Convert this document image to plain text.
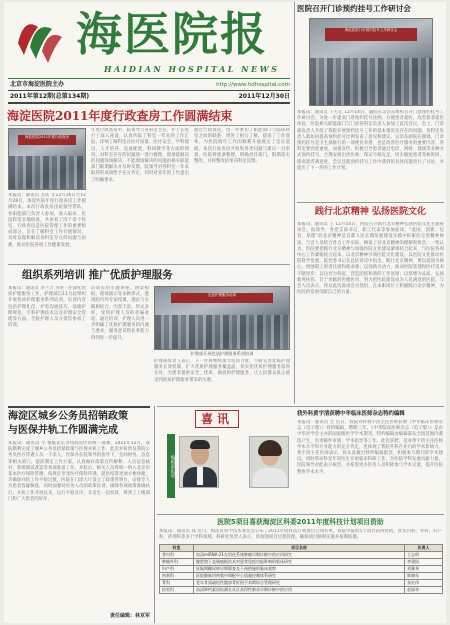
海医院报
HAIDIAN HOSPITAL NEWS
北京市海淀医院主办	http://www.hdhospital.com
2011年第12期(总第134期)	2011年12月30日
医院召开门诊预约挂号工作研讨会
海淀医院门诊预约挂号工作研讨会
本报讯：通讯员 千方元 12月14日，副院长吴浩东组织召开门诊预约挂号工作研讨会。为进一步提高门诊预约挂号比例，方便患者就医，改善患者就医体验，医院相关职能部门与门诊各科室负责人参加了此次会议。会上，门诊部负责人介绍了我院开展预约挂号工作的基本情况及存在的问题，各科室负责人就如何提高预约挂号比例发表了意见和建议。吴浩东副院长强调，门诊预约挂号是卫生部推行的一项便民举措，也是改善医疗服务的重要内容，各科室要高度重视，加强宣传，积极引导患者通过电话、网络、现场等多种方式预约挂号，合理安排出诊医师，保证号源充足，切实缩短患者等候时间，提高患者满意度。会议还就预约挂号工作中遇到的具体问题进行了讨论，并提出了下一步的工作计划。
海淀医院2011年度行政查房工作圆满结束
海淀医院2011年度行政查房
本报讯：通讯员 杰珏 年12月26日至12月28日，海淀医院年度行政查房工作圆满结束。本次行政查房由院领导带队，各职能部门负责人参加，深入临床、医技科室实地检查，共查看了四十余个科室。行政查房是医院管理工作的重要组成部分，旨在了解科室工作开展情况，及时发现和解决各科室存在的问题与困难，推动医院各项工作健康发展。
年度行政查房中，院领导与各科室主任、护士长进行了深入座谈，认真听取了科室一年来的工作汇报，详细了解科室在医疗质量、医疗安全、学科建设、人才培养、设备配置、科研教学等方面的情况，对科室存在的问题逐一进行梳理，现场能解决的问题现场解决，不能现场解决的问题由相关职能部门限期解决并及时反馈。院领导对各科室一年来取得的成绩给予充分肯定，同时对来年的工作提出了明确要求。
通过行政查房，进一步密切了职能部门与临床科室之间的联系，增进了相互了解，提高了工作效率，为医院明年工作的顺利开展奠定了坚实基础。本次行政查房共收集各类问题与建议一百余条，医院将逐条整理，明确责任部门，限期落实整改，并将整改结果向科室反馈。
践行北京精神 弘扬医院文化
本报讯：通讯员 王 12月14日，医院召开践行北京精神弘扬医院文化主题座谈会。院领导、各党支部书记、职工代表等参加座谈。“爱国、创新、包容、厚德”的北京精神是首都人民长期发展建设实践中积累的宝贵精神财富。与会人员结合各自工作实际，畅谈了对北京精神的理解和体会，一致认为，医院要把践行北京精神与加强医院文化建设紧密结合起来，与医院各项中心工作紧密结合起来，以北京精神引领医院文化建设，以医院文化推动医院科学发展。院党委书记在总结讲话中指出，践行北京精神，要以爱国为核心，增强职工的责任感和使命感；以创新为动力，推动医院管理和医疗技术不断进步；以包容为特征，营造团结和谐的工作氛围；以厚德为品质，弘扬救死扶伤、甘于奉献的医德医风，努力把医院建设成为人民满意的医院。与会人员表示，将以此次座谈会为契机，在本职岗位上积极践行北京精神，为医院的发展贡献自己的力量。
组织系列培训 推广优质护理服务
本报讯：通讯员 李兰芳 为进一步深化优质护理服务工作，护理部自11月起组织开展优质护理服务系列培训，培训内容包括护理礼仪、护患沟通技巧、基础护理规范、专科护理技术以及护理安全管理等方面。全院护理人员分批次参加了培训。
培训采用专题讲座、情景模拟、现场演示等多种形式，邀请院内外专家授课，理论与实践相结合，内容丰富，形式多样，受到护理人员的普遍欢迎。通过培训，护理人员进一步明确了优质护理服务的内涵与要求，服务意识和业务能力得到进一步提升。
优质护理服务培训
护理部开展优质护理服务系列培训
护理部负责人表示，下一步将继续加大培训力度，不断完善优质护理服务长效机制，扩大优质护理服务覆盖面，切实把优质护理服务落到实处，为患者提供安全、优质、满意的护理服务，让人民群众真正感受到优质护理服务带来的实惠。
海淀区城乡公务员招销政策
与医保并轨工作圆满完成
本报讯：通讯员 小 根据北京市和海淀区的统一部署，2011年12月，我院顺利完成了城乡公务员招销政策与医保并轨工作。此次并轨涉及我院公务员医疗待遇人员一千余人，医保办在院领导的指导下，会同财务、信息等相关部门，提前制定工作方案，认真做好政策宣传解释、人员信息核对、系统调试改造等各项准备工作。并轨后，相关人员将统一纳入北京市基本医疗保险管理，按规定享受医疗保险待遇，就医结算更加方便快捷。为确保并轨工作平稳过渡，医院在门诊大厅设立了政策咨询台，安排专人为患者答疑解惑，同时加强对医务人员的政策培训，确保各项政策准确执行。并轨工作开展以来，运行平稳有序，未发生一起投诉，得到了上级部门和广大患者的好评。
责任编辑：林京军
喜讯
编辑部报道
我外科黄宇清获聘中华临床医师杂志特约编辑
本报讯：通讯员 生 近日，我院外科黄宇清主任医师获聘《中华临床医师杂志（电子版）》特约编辑，聘期三年。《中华临床医师杂志（电子版）》是由中华医学会主办的国家级医学学术期刊，特约编辑由编辑部从全国范围内遴选产生，负责稿件审阅、学术指导等工作。此次获聘，是对黄宇清主任医师学术水平和专业能力的充分肯定，也体现了我院外科在业内的学术影响力。黄宇清主任医师表示，将认真履行特约编辑职责，积极参与期刊的学术建设，同时带动科室年轻医生开展临床科研工作，为医院学科发展贡献力量。医院领导对此表示祝贺，并希望更多医务人员积极参与学术交流，提升医院整体学术水平。
医院5项目喜获海淀区科委2011年度科技计划项目资助
本报讯：通讯员 郑 近日，海淀区科学技术委员会公布了2011年度科技计划项目立项名单，我院申报的5个项目获得资助，涉及内科、外科、妇产科、药剂科等多个学科领域。科研处负责人表示，将加强项目过程管理，确保项目顺利实施并按期结题。
科室	项目名称	负责人
普内科	血清miRNA-21在消化系统肿瘤早期诊断中的应用研究	王志明
肿瘤外科	腹腔镜下直肠癌根治术对患者免疫功能影响的临床研究	李建国
妇产科	妊娠期糖尿病早期筛查及干预措施的临床观察	刘雅琴
药剂科	医院静脉用药集中调配中心质量控制体系研究	陈晓东
骨科	老年骨质疏松性髋部骨折围手术期综合管理研究	张宏伟
检验科	血清降钙素原检测在社区获得性肺炎早期诊断中的应用	赵丽华
